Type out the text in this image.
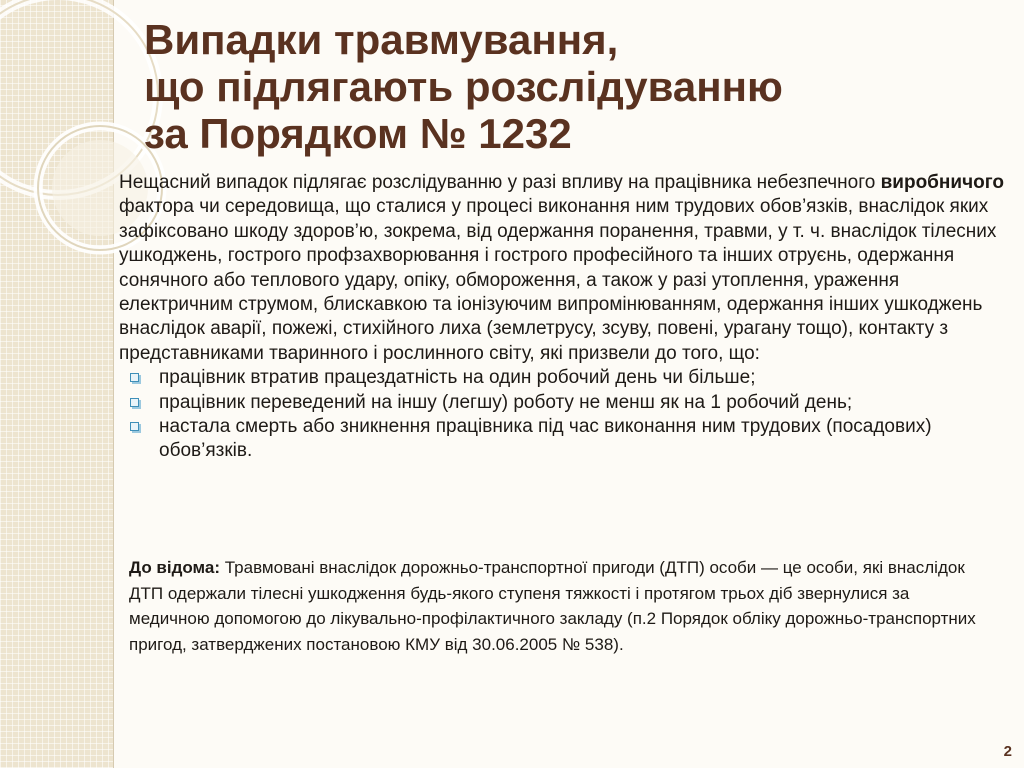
Випадки травмування,
що підлягають розслідуванню
за Порядком № 1232

Нещасний випадок підлягає розслідуванню у разі впливу на працівника небезпечного виробничого фактора чи середовища, що сталися у процесі виконання ним трудових обов’язків, внаслідок яких зафіксовано шкоду здоров’ю, зокрема, від одержання поранення, травми, у т. ч. внаслідок тілесних ушкоджень, гострого профзахворювання і гострого професійного та інших отруєнь, одержання сонячного або теплового удару, опіку, обмороження, а також у разі утоплення, ураження електричним струмом, блискавкою та іонізуючим випромінюванням, одержання інших ушкоджень внаслідок аварії, пожежі, стихійного лиха (землетрусу, зсуву, повені, урагану тощо), контакту з представниками тваринного і рослинного світу, які призвели до того, що:

працівник втратив працездатність на один робочий день чи більше;
працівник переведений на іншу (легшу) роботу не менш як на 1 робочий день;
настала смерть або зникнення працівника під час виконання ним трудових (посадових) обов’язків.

До відома: Травмовані внаслідок дорожньо-транспортної пригоди (ДТП) особи — це особи, які внаслідок ДТП одержали тілесні ушкодження будь-якого ступеня тяжкості і протягом трьох діб звернулися за медичною допомогою до лікувально-профілактичного закладу (п.2 Порядок обліку дорожньо-транспортних пригод, затверджених постановою КМУ від 30.06.2005 № 538).

2
